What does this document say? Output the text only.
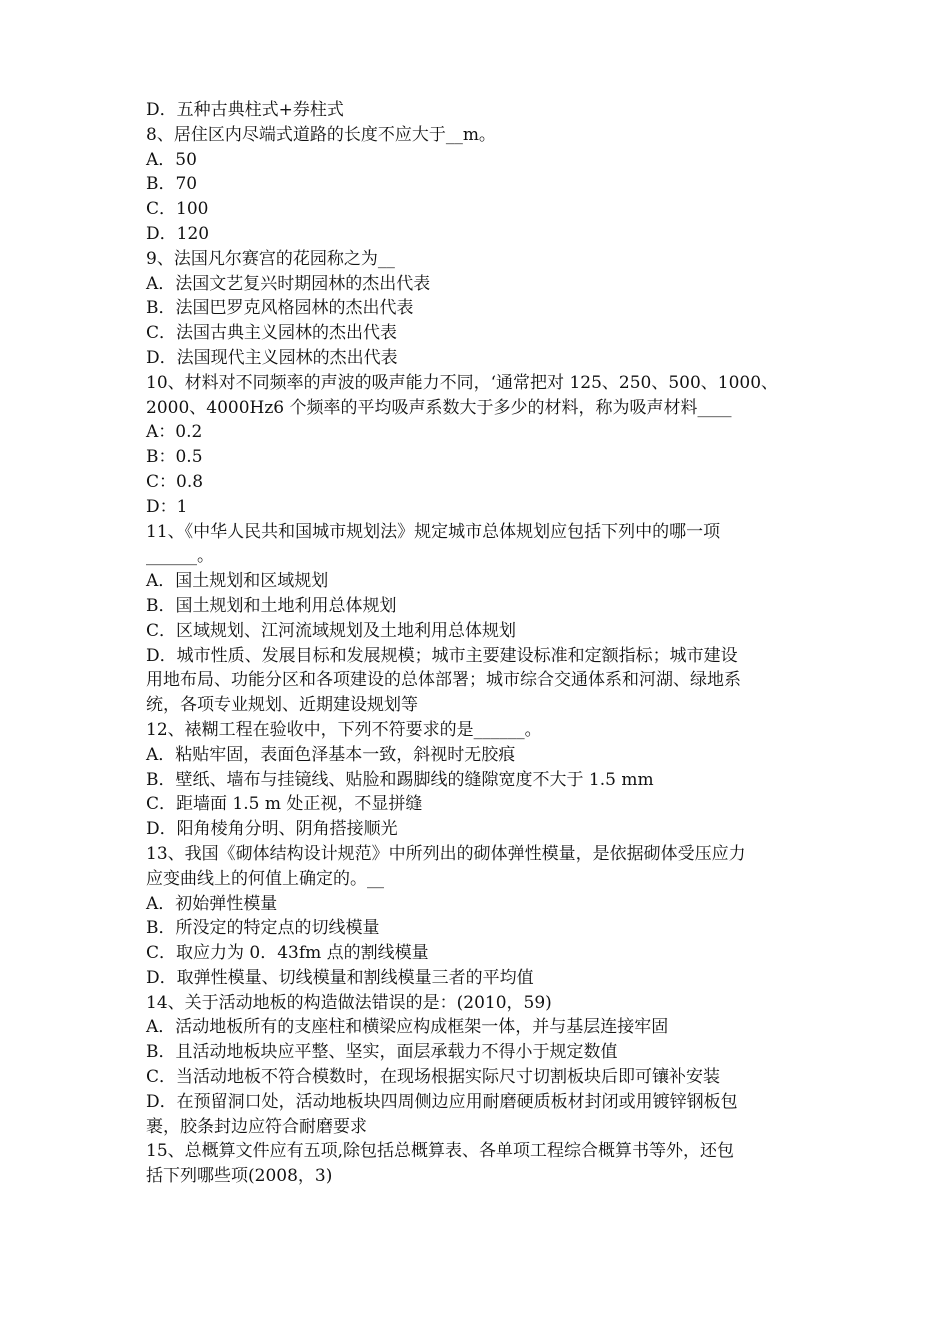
D．五种古典柱式+券柱式
8、居住区内尽端式道路的长度不应大于__m。
A．50
B．70
C．100
D．120
9、法国凡尔赛宫的花园称之为__
A．法国文艺复兴时期园林的杰出代表
B．法国巴罗克风格园林的杰出代表
C．法国古典主义园林的杰出代表
D．法国现代主义园林的杰出代表
10、材料对不同频率的声波的吸声能力不同，‘通常把对 125、250、500、1000、
2000、4000Hz6 个频率的平均吸声系数大于多少的材料，称为吸声材料____
A：0.2
B：0.5
C：0.8
D：1
11、《中华人民共和国城市规划法》规定城市总体规划应包括下列中的哪一项
______。
A．国土规划和区域规划
B．国土规划和土地利用总体规划
C．区域规划、江河流域规划及土地利用总体规划
D．城市性质、发展目标和发展规模；城市主要建设标准和定额指标；城市建设
用地布局、功能分区和各项建设的总体部署；城市综合交通体系和河湖、绿地系
统，各项专业规划、近期建设规划等
12、裱糊工程在验收中，下列不符要求的是______。
A．粘贴牢固，表面色泽基本一致，斜视时无胶痕
B．壁纸、墙布与挂镜线、贴脸和踢脚线的缝隙宽度不大于 1.5 mm
C．距墙面 1.5 m 处正视，不显拼缝
D．阳角棱角分明、阴角搭接顺光
13、我国《砌体结构设计规范》中所列出的砌体弹性模量，是依据砌体受压应力
应变曲线上的何值上确定的。__
A．初始弹性模量
B．所没定的特定点的切线模量
C．取应力为 0．43fm 点的割线模量
D．取弹性模量、切线模量和割线模量三者的平均值
14、关于活动地板的构造做法错误的是：(2010，59)
A．活动地板所有的支座柱和横梁应构成框架一体，并与基层连接牢固
B．且活动地板块应平整、坚实，面层承载力不得小于规定数值
C．当活动地板不符合模数时，在现场根据实际尺寸切割板块后即可镶补安装
D．在预留洞口处，活动地板块四周侧边应用耐磨硬质板材封闭或用镀锌钢板包
裹，胶条封边应符合耐磨要求
15、总概算文件应有五项,除包括总概算表、各单项工程综合概算书等外，还包
括下列哪些项(2008，3)
